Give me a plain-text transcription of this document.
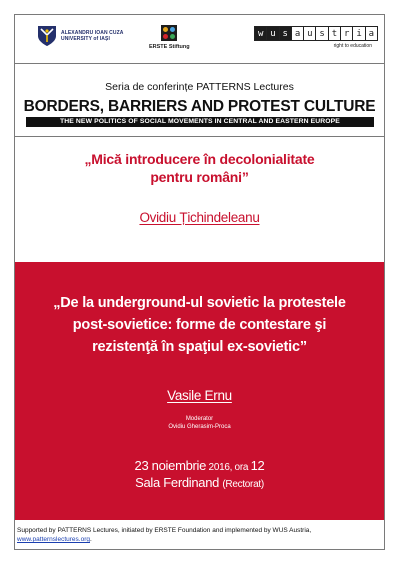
ALEXANDRU IOAN CUZA
UNIVERSITY of IAȘI
ERSTE Stiftung
w u s a u s t r i a
right to education
Seria de conferințe PATTERNS Lectures
BORDERS, BARRIERS AND PROTEST CULTURE
THE NEW POLITICS OF SOCIAL MOVEMENTS IN CENTRAL AND EASTERN EUROPE
„Mică introducere în decolonialitate
pentru români”
Ovidiu Țichindeleanu
„De la underground-ul sovietic la protestele
post-sovietice: forme de contestare şi
rezistenţă în spaţiul ex-sovietic”
Vasile Ernu
Moderator
Ovidiu Gherasim-Proca
23 noiembrie 2016, ora 12
Sala Ferdinand (Rectorat)
Supported by PATTERNS Lectures, initiated by ERSTE Foundation and implemented by WUS Austria,
www.patternslectures.org.
